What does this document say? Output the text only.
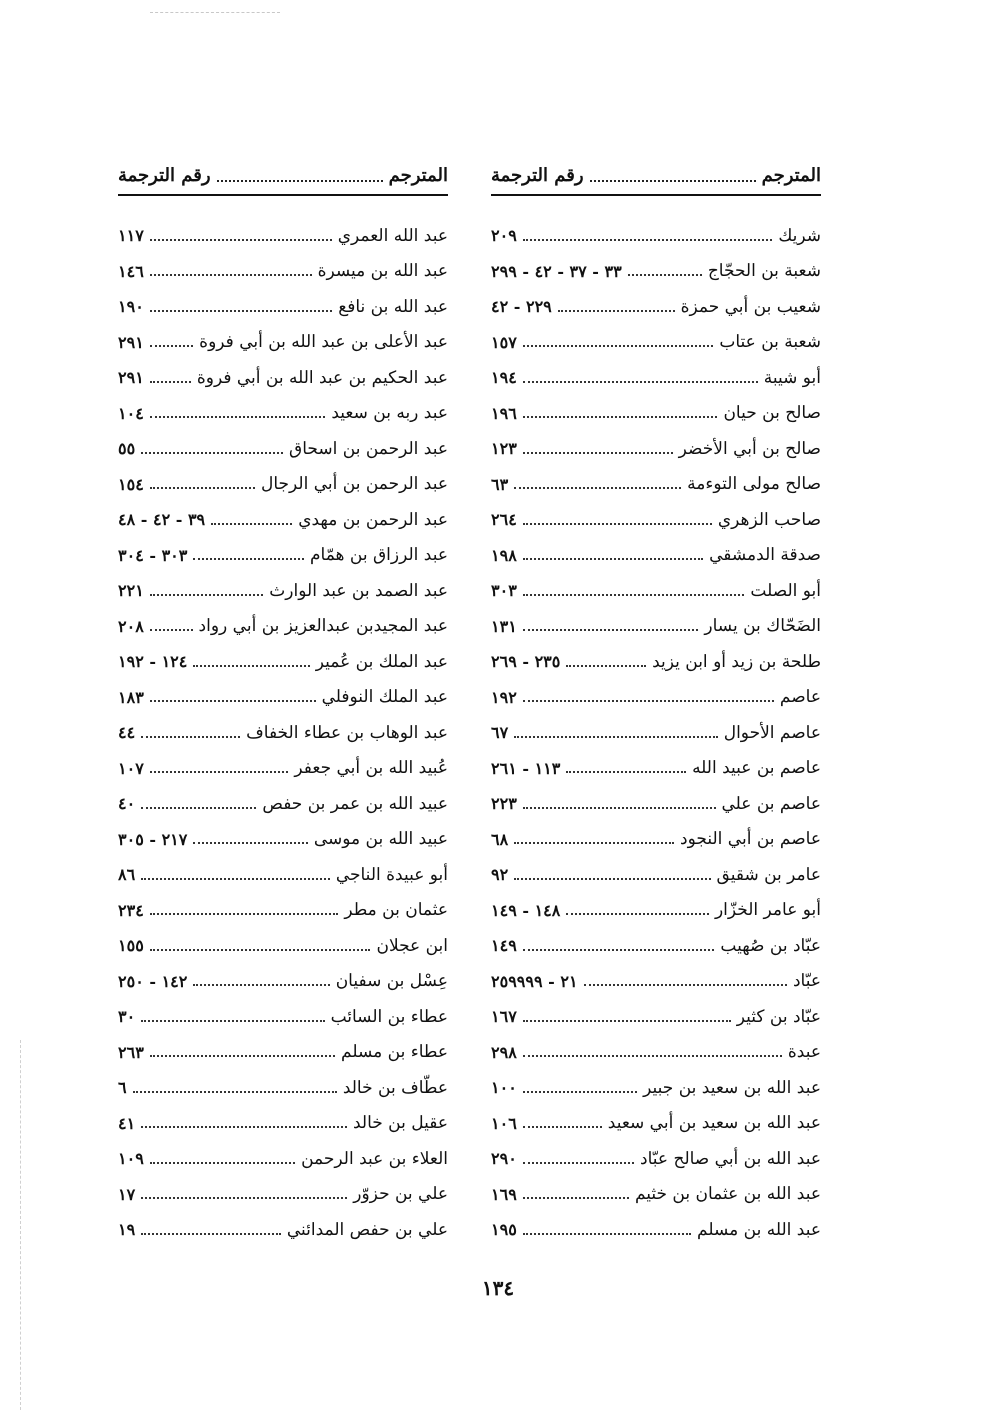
المترجم
رقم الترجمة
شريك
٢٠٩
شعبة بن الحجّاج
٣٣ - ٣٧ - ٤٢ - ٢٩٩
شعيب بن أبي حمزة
٢٢٩ - ٤٢
شعبة بن عتاب
١٥٧
أبو شيبة
١٩٤
صالح بن حيان
١٩٦
صالح بن أبي الأخضر
١٢٣
صالح مولى التوءمة
٦٣
صاحب الزهري
٢٦٤
صدقة الدمشقي
١٩٨
أبو الصلت
٣٠٣
الضَحّاك بن يسار
١٣١
طلحة بن زيد أو ابن يزيد
٢٣٥ - ٢٦٩
عاصم
١٩٢
عاصم الأحوال
٦٧
عاصم بن عبيد الله
١١٣ - ٢٦١
عاصم بن علي
٢٢٣
عاصم بن أبي النجود
٦٨
عامر بن شقيق
٩٢
أبو عامر الخزّار
١٤٨ - ١٤٩
عبّاد بن صُهيب
١٤٩
عبّاد
٢١ - ٢٥٩٩٩٩
عبّاد بن كثير
١٦٧
عبدة
٢٩٨
عبد الله بن سعيد بن جبير
١٠٠
عبد الله بن سعيد بن أبي سعيد
١٠٦
عبد الله بن أبي صالح عبّاد
٢٩٠
عبد الله بن عثمان بن خثيم
١٦٩
عبد الله بن مسلم
١٩٥
المترجم
رقم الترجمة
عبد الله العمري
١١٧
عبد الله بن ميسرة
١٤٦
عبد الله بن نافع
١٩٠
عبد الأعلى بن عبد الله بن أبي فروة
٢٩١
عبد الحكيم بن عبد الله بن أبي فروة
٢٩١
عبد ربه بن سعيد
١٠٤
عبد الرحمن بن اسحاق
٥٥
عبد الرحمن بن أبي الرجال
١٥٤
عبد الرحمن بن مهدي
٣٩ - ٤٢ - ٤٨
عبد الرزاق بن همّام
٣٠٣ - ٣٠٤
عبد الصمد بن عبد الوارث
٢٢١
عبد المجيدبن عبدالعزيز بن أبي رواد
٢٠٨
عبد الملك بن عُمير
١٢٤ - ١٩٢
عبد الملك النوفلي
١٨٣
عبد الوهاب بن عطاء الخفاف
٤٤
عُبيد الله بن أبي جعفر
١٠٧
عبيد الله بن عمر بن حفص
٤٠
عبيد الله بن موسى
٢١٧ - ٣٠٥
أبو عبيدة الناجي
٨٦
عثمان بن مطر
٢٣٤
ابن عجلان
١٥٥
عِسْل بن سفيان
١٤٢ - ٢٥٠
عطاء بن السائب
٣٠
عطاء بن مسلم
٢٦٣
عطّاف بن خالد
٦
عقيل بن خالد
٤١
العلاء بن عبد الرحمن
١٠٩
علي بن حزوّر
١٧
علي بن حفص المدائني
١٩
١٣٤
